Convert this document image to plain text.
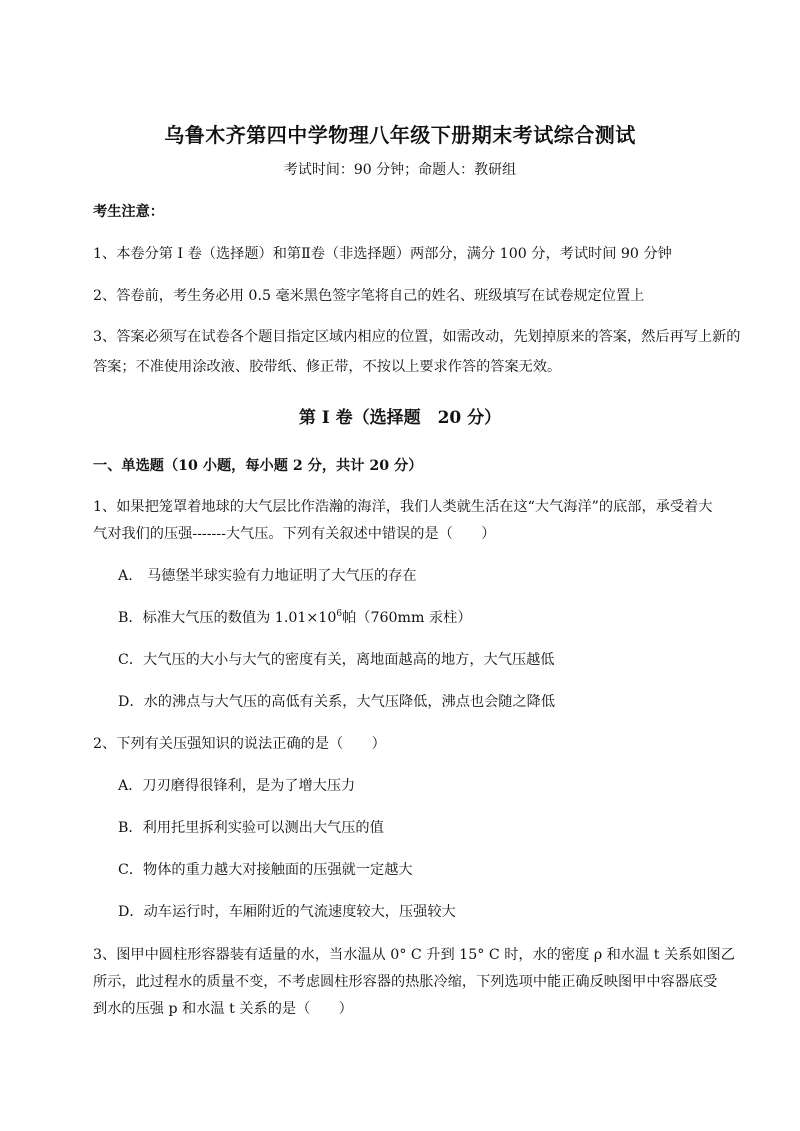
乌鲁木齐第四中学物理八年级下册期末考试综合测试
考试时间：90 分钟；命题人：教研组
考生注意：
1、本卷分第 I 卷（选择题）和第Ⅱ卷（非选择题）两部分，满分 100 分，考试时间 90 分钟
2、答卷前，考生务必用 0.5 毫米黑色签字笔将自己的姓名、班级填写在试卷规定位置上
3、答案必须写在试卷各个题目指定区域内相应的位置，如需改动，先划掉原来的答案，然后再写上新的答案；不准使用涂改液、胶带纸、修正带，不按以上要求作答的答案无效。
第 I 卷（选择题　20 分）
一、单选题（10 小题，每小题 2 分，共计 20 分）
1、如果把笼罩着地球的大气层比作浩瀚的海洋，我们人类就生活在这“大气海洋”的底部，承受着大
气对我们的压强-------大气压。下列有关叙述中错误的是（　　）
A.　马德堡半球实验有力地证明了大气压的存在
B．标准大气压的数值为 $1.01\times 10^6$帕（760mm 汞柱）
C．大气压的大小与大气的密度有关，离地面越高的地方，大气压越低
D．水的沸点与大气压的高低有关系，大气压降低，沸点也会随之降低
2、下列有关压强知识的说法正确的是（　　）
A．刀刃磨得很锋利，是为了增大压力
B．利用托里拆利实验可以测出大气压的值
C．物体的重力越大对接触面的压强就一定越大
D．动车运行时，车厢附近的气流速度较大，压强较大
3、图甲中圆柱形容器装有适量的水，当水温从 0° C 升到 15° C 时，水的密度 ρ 和水温 t 关系如图乙
所示，此过程水的质量不变，不考虑圆柱形容器的热胀冷缩，下列选项中能正确反映图甲中容器底受
到水的压强 p 和水温 t 关系的是（　　）
